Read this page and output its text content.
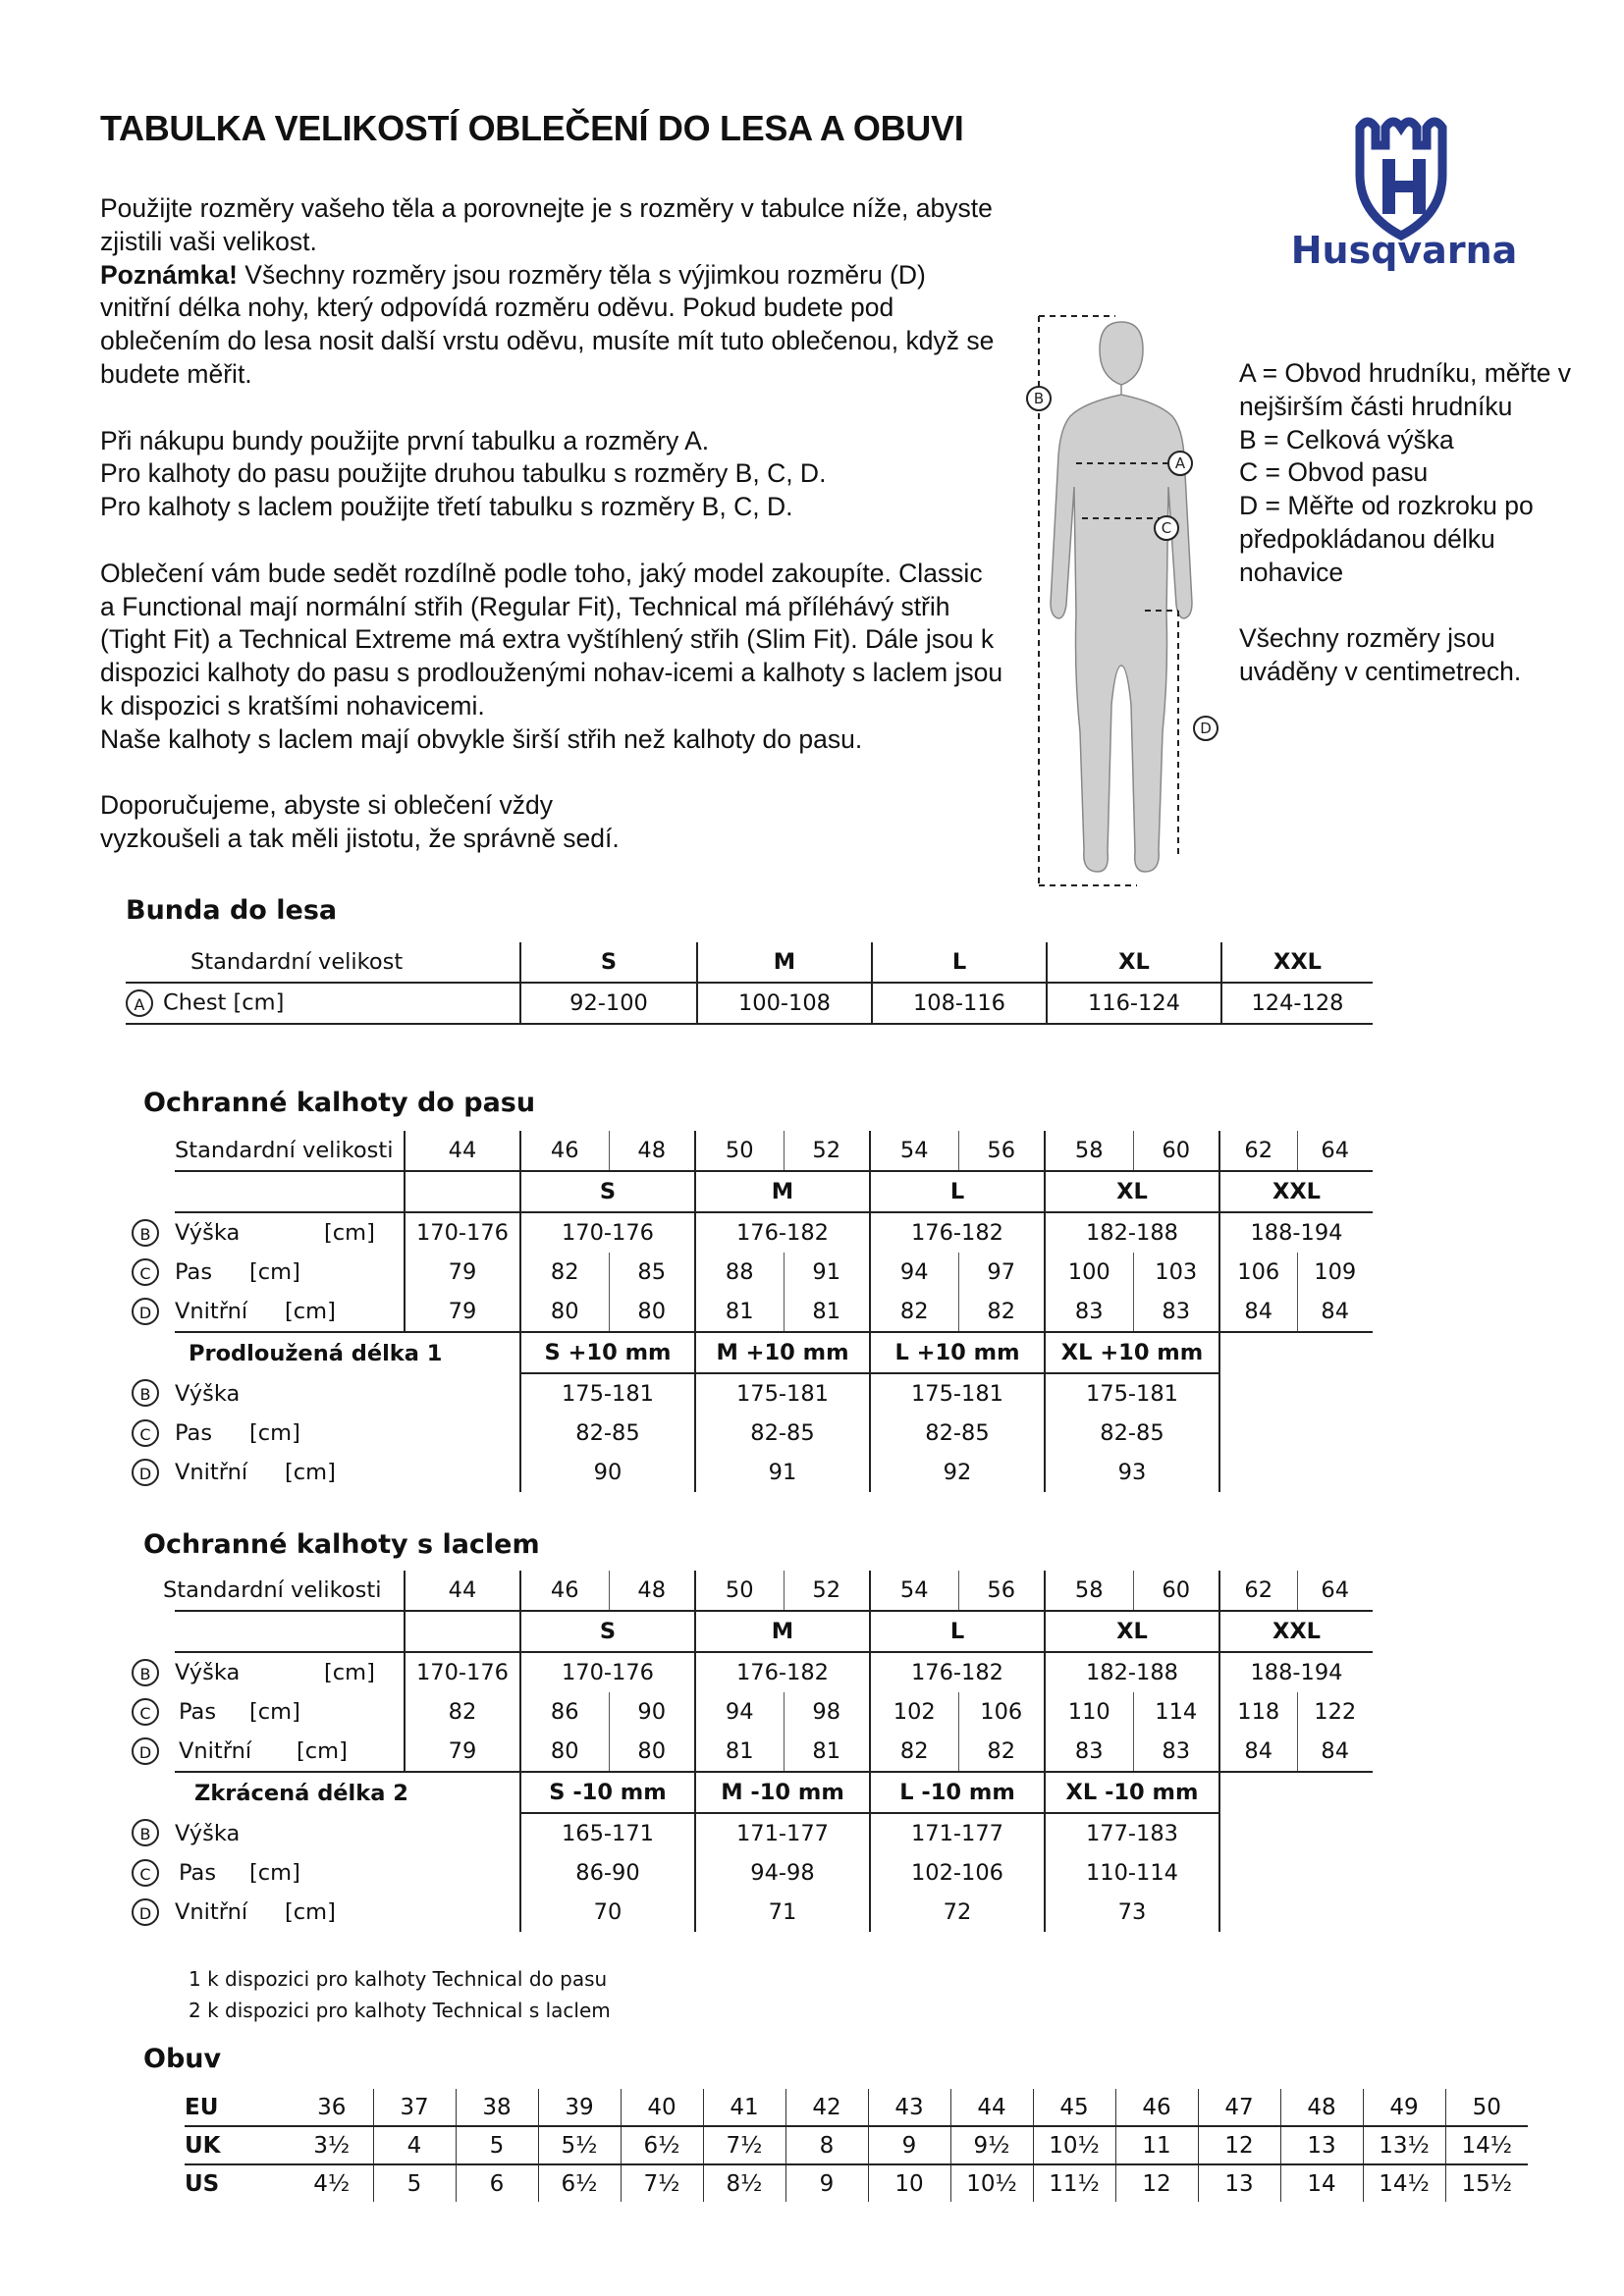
TABULKA VELIKOSTÍ OBLEČENÍ DO LESA A OBUVI
Husqvarna

Použijte rozměry vašeho těla a porovnejte je s rozměry v tabulce níže, abyste zjistili vaši velikost.
Poznámka! Všechny rozměry jsou rozměry těla s výjimkou rozměru (D) vnitřní délka nohy, který odpovídá rozměru oděvu. Pokud budete pod oblečením do lesa nosit další vrstu oděvu, musíte mít tuto oblečenou, když se budete měřit.

Při nákupu bundy použijte první tabulku a rozměry A.
Pro kalhoty do pasu použijte druhou tabulku s rozměry B, C, D.
Pro kalhoty s laclem použijte třetí tabulku s rozměry B, C, D.

Oblečení vám bude sedět rozdílně podle toho, jaký model zakoupíte. Classic a Functional mají normální střih (Regular Fit), Technical má příléhávý střih (Tight Fit) a Technical Extreme má extra vyštíhlený střih (Slim Fit). Dále jsou k dispozici kalhoty do pasu s prodlouženými nohav-icemi a kalhoty s laclem jsou k dispozici s kratšími nohavicemi.
Naše kalhoty s laclem mají obvykle širší střih než kalhoty do pasu.

Doporučujeme, abyste si oblečení vždy
vyzkoušeli a tak měli jistotu, že správně sedí.

B
A
C
D

A = Obvod hrudníku, měřte v nejširším části hrudníku
B = Celková výška
C = Obvod pasu
D = Měřte od rozkroku po předpokládanou délku nohavice

Všechny rozměry jsou uváděny v centimetrech.

Bunda do lesa
Standardní velikost	S	M	L	XL	XXL
A Chest [cm]	92-100	100-108	108-116	116-124	124-128
Ochranné kalhoty do pasu
Standardní velikosti	44	46	48	50	52	54	56	58	60	62	64
		S		M		L		XL		XXL	

B Výška [cm]	170-176	170-176		176-182		176-182		182-188		188-194	

C Pas [cm]	79	82	85	88	91	94	97	100	103	106	109

D Vnitřní [cm]	79	80	80	81	81	82	82	83	83	84	84
Prodloužená délka 1		S +10 mm		M +10 mm		L +10 mm		XL +10 mm			

B Výška		175-181		175-181		175-181		175-181			

C Pas [cm]		82-85		82-85		82-85		82-85			

D Vnitřní [cm]		90		91		92		93			
Ochranné kalhoty s laclem
Standardní velikosti	44	46	48	50	52	54	56	58	60	62	64
		S	M	L	XL	XXL

B	Výška	[cm]	170-176	170-176	176-182	176-182	182-188	188-194

C	Pas [cm]	82	86	90	94	98	102	106	110	114	118	122

D	Vnitřní [cm]	79	80	80	81	81	82	82	83	83	84	84
Zkrácená délka 2	S -10 mm	M -10 mm	L -10 mm	XL -10 mm	

B	Výška	165-171	171-177	171-177	177-183	

C	Pas [cm]	86-90	94-98	102-106	110-114	

D	Vnitřní [cm]	70	71	72	73	
1 k dispozici pro kalhoty Technical do pasu
2 k dispozici pro kalhoty Technical s laclem
Obuv
EU	36	37	38	39	40	41	42	43	44	45	46	47	48	49	50
UK	3½	4	5	5½	6½	7½	8	9	9½	10½	11	12	13	13½	14½
US	4½	5	6	6½	7½	8½	9	10	10½	11½	12	13	14	14½	15½
